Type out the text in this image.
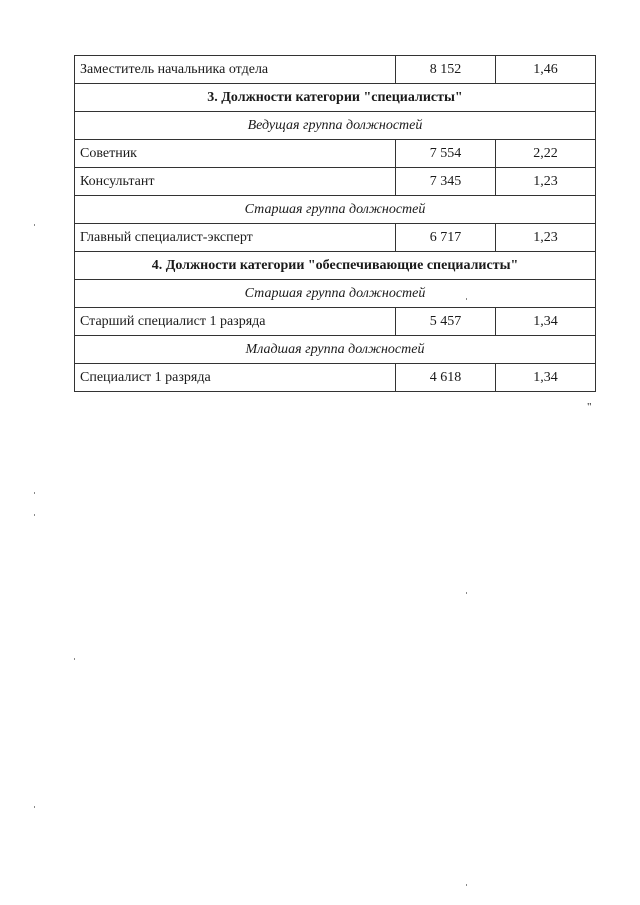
Заместитель начальника отдела	8 152	1,46
3. Должности категории "специалисты"		
Ведущая группа должностей		
Советник	7 554	2,22
Консультант	7 345	1,23
Старшая группа должностей		
Главный специалист-эксперт	6 717	1,23
4. Должности категории "обеспечивающие специалисты"		
Старшая группа должностей		
Старший специалист 1 разряда	5 457	1,34
Младшая группа должностей		
Специалист 1 разряда	4 618	1,34
"
